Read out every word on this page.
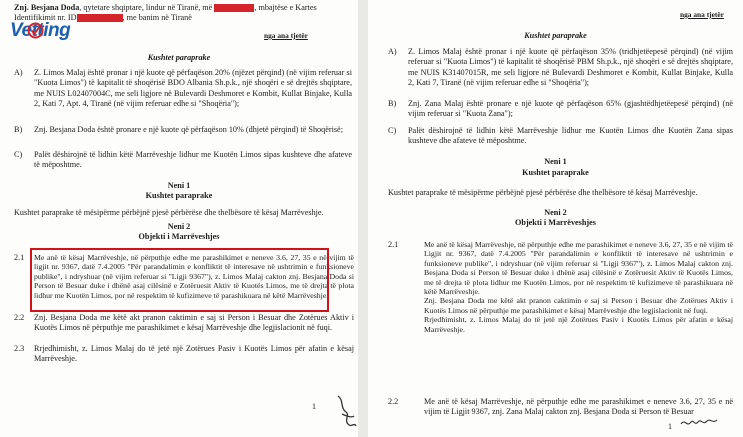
Znj. Besjana Doda, qytetare shqiptare, lindur në Tiranë, më	, mbajtëse e Kartes

Identifikimit nr. ID	, me banim në Tiranë

Vetting	nga ana tjetër

Kushtet paraprake

A) Z. Limos Malaj është pronar i një kuote që përfaqëson 20% (njëzet përqind) (në vijim referuar si "Kuota Limos") të kapitalit të shoqërisë BDO Albania Sh.p.k., një shoqëri e së drejtës shqiptare, me NUIS L02407004C, me seli ligjore në Bulevardi Deshmoret e Kombit, Kullat Binjake, Kulla 2, Kati 7, Apt. 4, Tiranë (në vijim referuar edhe si "Shoqëria");

B) Znj. Besjana Doda është pronare e një kuote që përfaqëson 10% (dhjetë përqind) të Shoqërisë;

C) Palët dëshirojnë të lidhin këtë Marrëveshje lidhur me Kuotën Limos sipas kushteve dhe afateve të mëposhtme.

Neni 1

Kushtet paraprake

Kushtet paraprake të mësipërme përbëjnë pjesë përbërëse dhe thelbësore të kësaj Marrëveshje.

Neni 2

Objekti i Marrëveshjes

2.1 Me anë të kësaj Marrëveshje, në përputhje edhe me parashikimet e neneve 3.6, 27, 35 e në vijim të ligjit nr. 9367, datë 7.4.2005 "Për parandalimin e konfliktit të interesave në ushtrimin e funksioneve publike", i ndryshuar (në vijim referuar si "Ligji 9367"), z. Limos Malaj cakton znj. Besjana Doda si Person të Besuar duke i dhënë asaj cilësinë e Zotëruesit Aktiv të Kuotës Limos, me të drejta të plota lidhur me Kuotën Limos, por në respektim të kufizimeve të parashikuara në këtë Marrëveshje.

2.2 Znj. Besjana Doda me këtë akt pranon caktimin e saj si Person i Besuar dhe Zotërues Aktiv i Kuotës Limos në përputhje me parashikimet e kësaj Marrëveshje dhe legjislacionit në fuqi.

2.3 Rrjedhimisht, z. Limos Malaj do të jetë një Zotërues Pasiv i Kuotës Limos për afatin e kësaj Marrëveshje.

1

nga ana tjetër

Kushtet paraprake

A) Z. Limos Malaj është pronar i një kuote që përfaqëson 35% (tridhjetëepesë përqind) (në vijim referuar si "Kuota Limos") të kapitalit të shoqërisë PBM Sh.p.k., një shoqëri e së drejtës shqiptare, me NUIS K31407015R, me seli ligjore në Bulevardi Deshmoret e Kombit, Kullat Binjake, Kulla 2, Kati 7, Tiranë (në vijim referuar edhe si "Shoqëria");

B) Znj. Zana Malaj është pronare e një kuote që përfaqëson 65% (gjashtëdhjetëepesë përqind) (në vijim referuar si "Kuota Zana");

C) Palët dëshirojnë të lidhin këtë Marrëveshje lidhur me Kuotën Limos dhe Kuotën Zana sipas kushteve dhe afateve të mëposhtme.

Neni 1

Kushtet paraprake

Kushtet paraprake të mësipërme përbëjnë pjesë përbërëse dhe thelbësore të kësaj Marrëveshje.

Neni 2

Objekti i Marrëveshjes

2.1	Me anë të kësaj Marrëveshje, në përputhje edhe me parashikimet e neneve 3.6, 27, 35 e në vijim të Ligjit nr. 9367, datë 7.4.2005 "Për parandalimin e konfliktit të interesave në ushtrimin e funksioneve publike", i ndryshuar (në vijim referuar si "Ligji 9367"), z. Limos Malaj cakton znj. Besjana Doda si Person të Besuar duke i dhënë asaj cilësinë e Zotëruesit Aktiv të Kuotës Limos, me të drejta të plota lidhur me Kuotën Limos, por në respektim të kufizimeve të parashikuara në këtë Marrëveshje.

Znj. Besjana Doda me këtë akt pranon caktimin e saj si Person i Besuar dhe Zotërues Aktiv i Kuotës Limos në përputhje me parashikimet e kësaj Marrëveshje dhe legjislacionit në fuqi.

Rrjedhimisht, z. Limos Malaj do të jetë një Zotërues Pasiv i Kuotës Limos për afatin e kësaj Marrëveshje.

2.2	Me anë të kësaj Marrëveshje, në përputhje edhe me parashikimet e neneve 3.6, 27, 35 e në vijim të Ligjit 9367, znj. Zana Malaj cakton znj. Besjana Doda si Person të Besuar

1
